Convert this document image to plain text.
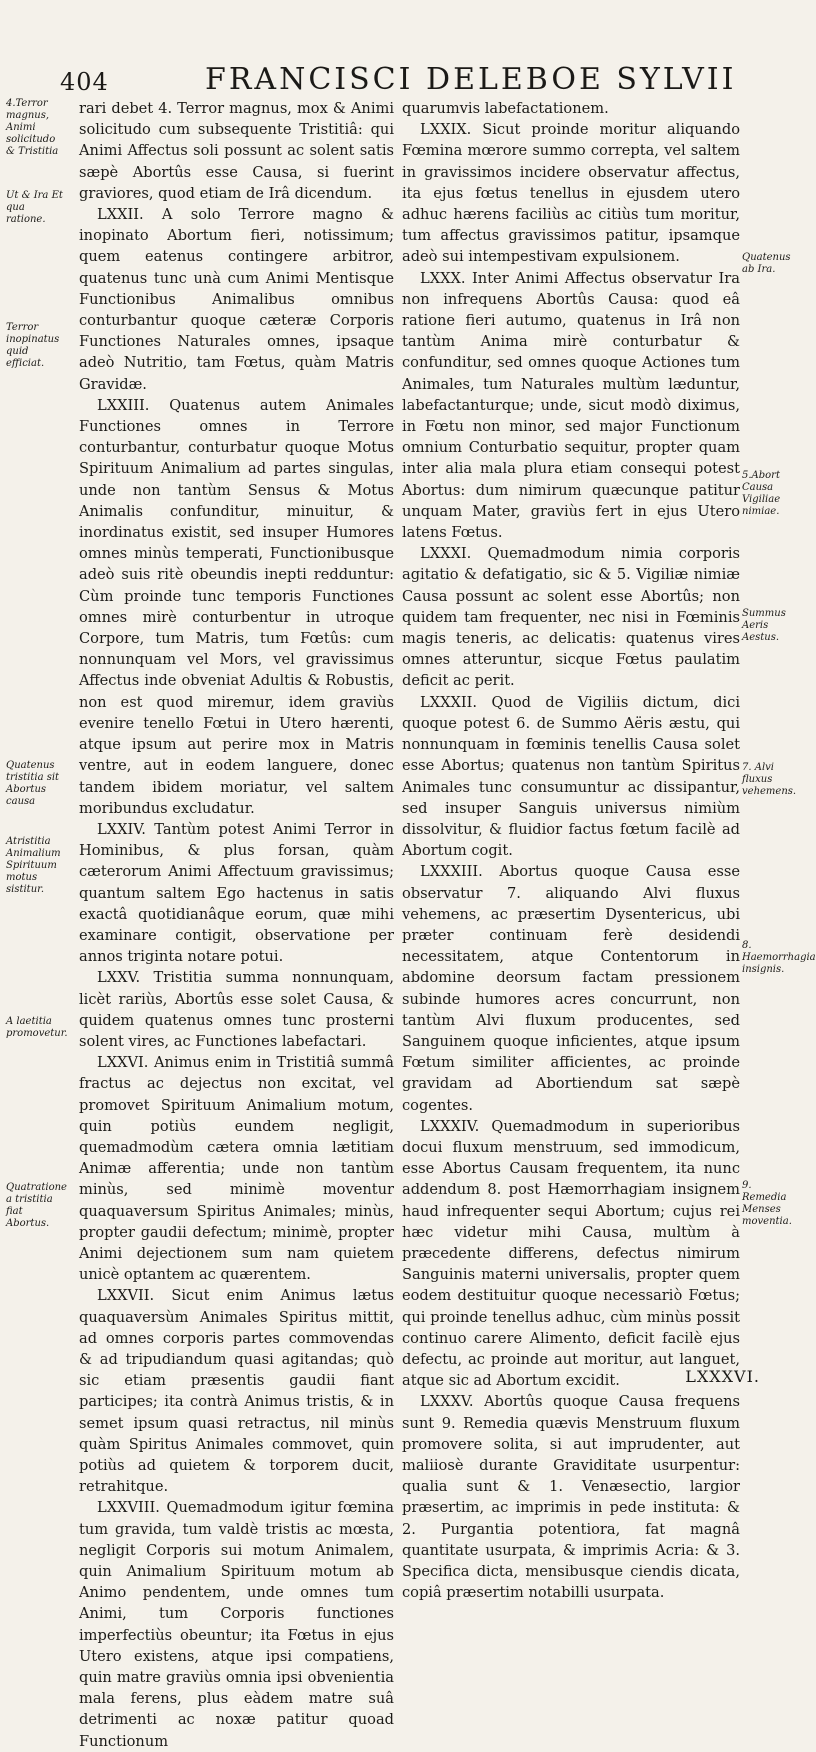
404	FRANCISCI DELEBOE SYLVII
4.Terror magnus, Animi solicitudo & Tristitia
Ut & Ira Et qua ratione.
Terror inopinatus quid efficiat.
Quatenus tristitia sit Abortus causa
Atristitia Animalium Spirituum motus sistitur.
A laetitia promovetur.
Quatratione a tristitia fiat Abortus.
Quatenus ab Ira.
5.Abort Causa Vigiliae nimiae.
Summus Aeris Aestus.
7. Alvi fluxus vehemens.
8. Haemorrhagia insignis.
9. Remedia Menses moventia.

rari debet 4. Terror magnus, mox & Animi solicitudo cum subsequente Tristitiâ: qui Animi Affectus soli possunt ac solent satis sæpè Abortûs esse Causa, si fuerint graviores, quod etiam de Irâ dicendum.

LXXII. A solo Terrore magno & inopinato Abortum fieri, notissimum; quem eatenus contingere arbitror, quatenus tunc unà cum Animi Mentisque Functionibus Animalibus omnibus conturbantur quoque cæteræ Corporis Functiones Naturales omnes, ipsaque adeò Nutritio, tam Fœtus, quàm Matris Gravidæ.

LXXIII. Quatenus autem Animales Functiones omnes in Terrore conturbantur, conturbatur quoque Motus Spirituum Animalium ad partes singulas, unde non tantùm Sensus & Motus Animalis confunditur, minuitur, & inordinatus existit, sed insuper Humores omnes minùs temperati, Functionibusque adeò suis ritè obeundis inepti redduntur: Cùm proinde tunc temporis Functiones omnes mirè conturbentur in utroque Corpore, tum Matris, tum Fœtûs: cum nonnunquam vel Mors, vel gravissimus Affectus inde obveniat Adultis & Robustis, non est quod miremur, idem graviùs evenire tenello Fœtui in Utero hærenti, atque ipsum aut perire mox in Matris ventre, aut in eodem languere, donec tandem ibidem moriatur, vel saltem moribundus excludatur.

LXXIV. Tantùm potest Animi Terror in Hominibus, & plus forsan, quàm cæterorum Animi Affectuum gravissimus; quantum saltem Ego hactenus in satis exactâ quotidianâque eorum, quæ mihi examinare contigit, observatione per annos triginta notare potui.

LXXV. Tristitia summa nonnunquam, licèt rariùs, Abortûs esse solet Causa, & quidem quatenus omnes tunc prosterni solent vires, ac Functiones labefactari.

LXXVI. Animus enim in Tristitiâ summâ fractus ac dejectus non excitat, vel promovet Spirituum Animalium motum, quin potiùs eundem negligit, quemadmodùm cætera omnia lætitiam Animæ afferentia; unde non tantùm minùs, sed minimè moventur quaquaversum Spiritus Animales; minùs, propter gaudii defectum; minimè, propter Animi dejectionem sum nam quietem unicè optantem ac quærentem.

LXXVII. Sicut enim Animus lætus quaquaversùm Animales Spiritus mittit, ad omnes corporis partes commovendas & ad tripudiandum quasi agitandas; quò sic etiam præsentis gaudii fiant participes; ita contrà Animus tristis, & in semet ipsum quasi retractus, nil minùs quàm Spiritus Animales commovet, quin potiùs ad quietem & torporem ducit, retrahitque.

LXXVIII. Quemadmodum igitur fœmina tum gravida, tum valdè tristis ac mœsta, negligit Corporis sui motum Animalem, quin Animalium Spirituum motum ab Animo pendentem, unde omnes tum Animi, tum Corporis functiones imperfectiùs obeuntur; ita Fœtus in ejus Utero existens, atque ipsi compatiens, quin matre graviùs omnia ipsi obvenientia mala ferens, plus eàdem matre suâ detrimenti ac noxæ patitur quoad Functionum

quarumvis labefactationem.

LXXIX. Sicut proinde moritur aliquando Fœmina mœrore summo correpta, vel saltem in gravissimos incidere observatur affectus, ita ejus fœtus tenellus in ejusdem utero adhuc hærens faciliùs ac citiùs tum moritur, tum affectus gravissimos patitur, ipsamque adeò sui intempestivam expulsionem.

LXXX. Inter Animi Affectus observatur Ira non infrequens Abortûs Causa: quod eâ ratione fieri autumo, quatenus in Irâ non tantùm Anima mirè conturbatur & confunditur, sed omnes quoque Actiones tum Animales, tum Naturales multùm læduntur, labefactanturque; unde, sicut modò diximus, in Fœtu non minor, sed major Functionum omnium Conturbatio sequitur, propter quam inter alia mala plura etiam consequi potest Abortus: dum nimirum quæcunque patitur unquam Mater, graviùs fert in ejus Utero latens Fœtus.

LXXXI. Quemadmodum nimia corporis agitatio & defatigatio, sic & 5. Vigiliæ nimiæ Causa possunt ac solent esse Abortûs; non quidem tam frequenter, nec nisi in Fœminis magis teneris, ac delicatis: quatenus vires omnes atteruntur, sicque Fœtus paulatim deficit ac perit.

LXXXII. Quod de Vigiliis dictum, dici quoque potest 6. de Summo Aëris æstu, qui nonnunquam in fœminis tenellis Causa solet esse Abortus; quatenus non tantùm Spiritus Animales tunc consumuntur ac dissipantur, sed insuper Sanguis universus nimiùm dissolvitur, & fluidior factus fœtum facilè ad Abortum cogit.

LXXXIII. Abortus quoque Causa esse observatur 7. aliquando Alvi fluxus vehemens, ac præsertim Dysentericus, ubi præter continuam ferè desidendi necessitatem, atque Contentorum in abdomine deorsum factam pressionem subinde humores acres concurrunt, non tantùm Alvi fluxum producentes, sed Sanguinem quoque inficientes, atque ipsum Fœtum similiter afficientes, ac proinde gravidam ad Abortiendum sat sæpè cogentes.

LXXXIV. Quemadmodum in superioribus docui fluxum menstruum, sed immodicum, esse Abortus Causam frequentem, ita nunc addendum 8. post Hæmorrhagiam insignem haud infrequenter sequi Abortum; cujus rei hæc videtur mihi Causa, multùm à præcedente differens, defectus nimirum Sanguinis materni universalis, propter quem eodem destituitur quoque necessariò Fœtus; qui proinde tenellus adhuc, cùm minùs possit continuo carere Alimento, deficit facilè ejus defectu, ac proinde aut moritur, aut languet, atque sic ad Abortum excidit.

LXXXV. Abortûs quoque Causa frequens sunt 9. Remedia quævis Menstruum fluxum promovere solita, si aut imprudenter, aut maliiosè durante Graviditate usurpentur: qualia sunt & 1. Venæsectio, largior præsertim, ac imprimis in pede instituta: & 2. Purgantia potentiora, fat magnâ quantitate usurpata, & imprimis Acria: & 3. Specifica dicta, mensibusque ciendis dicata, copiâ præsertim notabilli usurpata.

LXXXVI.
